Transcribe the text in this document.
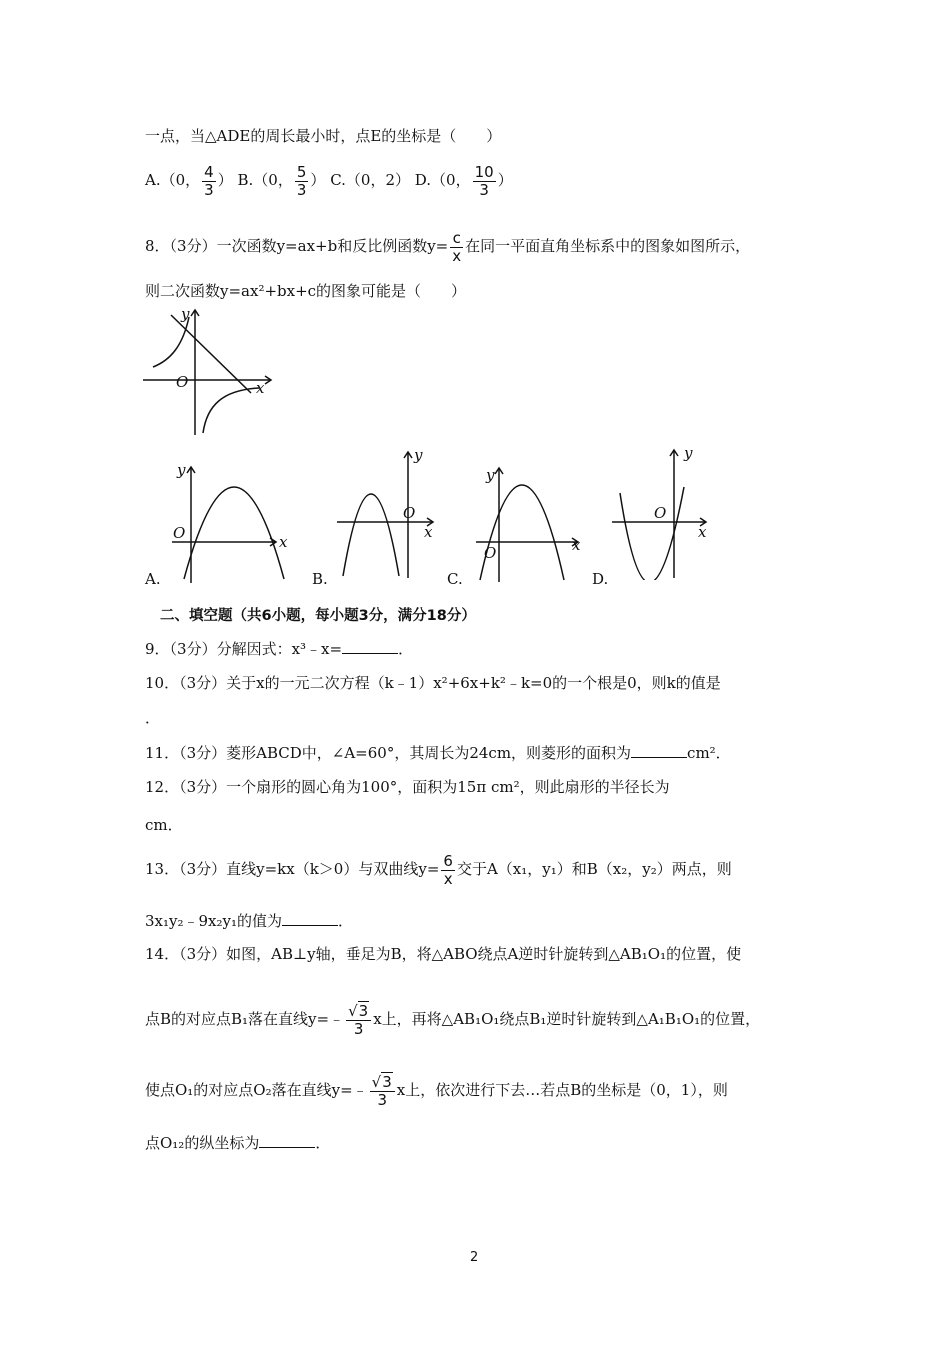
一点，当△ADE的周长最小时，点E的坐标是（　　）
A.（0， $\frac{4}{3}$ ） B.（0， $\frac{5}{3}$ ） C.（0，2） D.（0， $\frac{10}{3}$ ）
8．（3分）一次函数y=ax+b和反比例函数$y= \frac{c}{x}$ 在同一平面直角坐标系中的图象如图所示，
则二次函数y=ax²+bx+c的图象可能是（　　）
y
O	x
y
O	x
A.
y
O
x
B.
y
O	x
C.
y
O
x
D.
二、填空题（共6小题，每小题3分，满分18分）
9．（3分）分解因式：x³﹣x=	．
10．（3分）关于x的一元二次方程（k﹣1）x²+6x+k²﹣k=0的一个根是0，则k的值是
．
11．（3分）菱形ABCD中，∠A=60°，其周长为24cm，则菱形的面积为	cm²．
12．（3分）一个扇形的圆心角为100°，面积为15π cm²，则此扇形的半径长为
cm．
13．（3分）直线y=kx（k＞0）与双曲线$y= \frac{6}{x}$ 交于A（x₁，y₁）和B（x₂，y₂）两点，则
3x₁y₂﹣9x₂y₁的值为	．
14．（3分）如图，AB⊥y轴，垂足为B，将△ABO绕点A逆时针旋转到△AB₁O₁的位置，使
点B的对应点B₁落在直线y=﹣ $\frac{√3}{3}$ x上，再将△AB₁O₁绕点B₁逆时针旋转到△A₁B₁O₁的位置，
使点O₁的对应点O₂落在直线y=﹣ $\frac{√3}{3}$ x上，依次进行下去…若点B的坐标是（0，1），则
点O₁₂的纵坐标为	．
2
